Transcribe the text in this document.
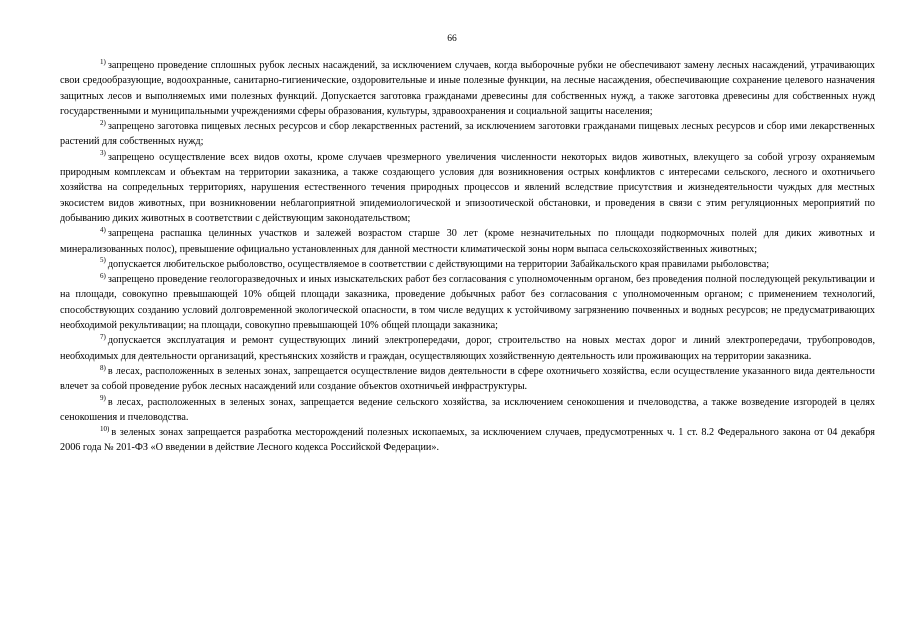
66

$^{1)}$ запрещено проведение сплошных рубок лесных насаждений, за исключением случаев, когда выборочные рубки не обеспечивают замену лесных насаждений, утрачивающих свои средообразующие, водоохранные, санитарно-гигиенические, оздоровительные и иные полезные функции, на лесные насаждения, обеспечивающие сохранение целевого назначения защитных лесов и выполняемых ими полезных функций. Допускается заготовка гражданами древесины для собственных нужд, а также заготовка древесины для собственных нужд государственными и муниципальными учреждениями сферы образования, культуры, здравоохранения и социальной защиты населения;

$^{2)}$ запрещено заготовка пищевых лесных ресурсов и сбор лекарственных растений, за исключением заготовки гражданами пищевых лесных ресурсов и сбор ими лекарственных растений для собственных нужд;

$^{3)}$ запрещено осуществление всех видов охоты, кроме случаев чрезмерного увеличения численности некоторых видов животных, влекущего за собой угрозу охраняемым природным комплексам и объектам на территории заказника, а также создающего условия для возникновения острых конфликтов с интересами сельского, лесного и охотничьего хозяйства на сопредельных территориях, нарушения естественного течения природных процессов и явлений вследствие присутствия и жизнедеятельности чуждых для местных экосистем видов животных, при возникновении неблагоприятной эпидемиологической и эпизоотической обстановки, и проведения в связи с этим регуляционных мероприятий по добыванию диких животных в соответствии с действующим законодательством;

$^{4)}$ запрещена распашка целинных участков и залежей возрастом старше 30 лет (кроме незначительных по площади подкормочных полей для диких животных и минерализованных полос), превышение официально установленных для данной местности климатической зоны норм выпаса сельскохозяйственных животных;

$^{5)}$ допускается любительское рыболовство, осуществляемое в соответствии с действующими на территории Забайкальского края правилами рыболовства;

$^{6)}$ запрещено проведение геологоразведочных и иных изыскательских работ без согласования с уполномоченным органом, без проведения полной последующей рекультивации и на площади, совокупно превышающей 10% общей площади заказника, проведение добычных работ без согласования с уполномоченным органом; с применением технологий, способствующих созданию условий долговременной экологической опасности, в том числе ведущих к устойчивому загрязнению почвенных и водных ресурсов; не предусматривающих необходимой рекультивации; на площади, совокупно превышающей 10% общей площади заказника;

$^{7)}$ допускается эксплуатация и ремонт существующих линий электропередачи, дорог, строительство на новых местах дорог и линий электропередачи, трубопроводов, необходимых для деятельности организаций, крестьянских хозяйств и граждан, осуществляющих хозяйственную деятельность или проживающих на территории заказника.

$^{8)}$ в лесах, расположенных в зеленых зонах, запрещается осуществление видов деятельности в сфере охотничьего хозяйства, если осуществление указанного вида деятельности влечет за собой проведение рубок лесных насаждений или создание объектов охотничьей инфраструктуры.

$^{9)}$ в лесах, расположенных в зеленых зонах, запрещается ведение сельского хозяйства, за исключением сенокошения и пчеловодства, а также возведение изгородей в целях сенокошения и пчеловодства.

$^{10)}$ в зеленых зонах запрещается разработка месторождений полезных ископаемых, за исключением случаев, предусмотренных ч. 1 ст. 8.2 Федерального закона от 04 декабря 2006 года № 201-ФЗ «О введении в действие Лесного кодекса Российской Федерации».
